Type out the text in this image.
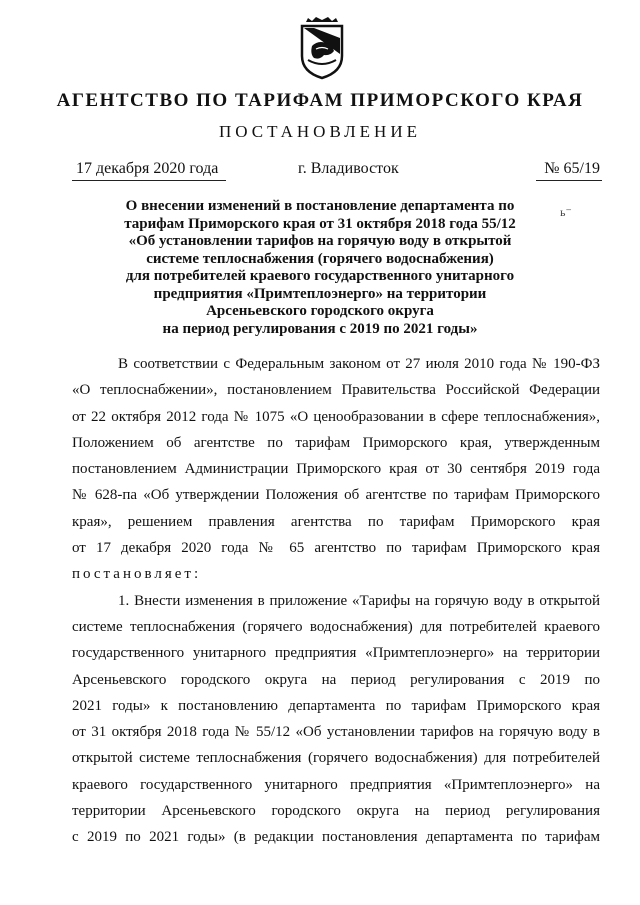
АГЕНТСТВО ПО ТАРИФАМ ПРИМОРСКОГО КРАЯ
ПОСТАНОВЛЕНИЕ
17 декабря 2020 года	г. Владивосток	№ 65/19
О внесении изменений в постановление департамента по
тарифам Приморского края от 31 октября 2018 года 55/12
«Об установлении тарифов на горячую воду в открытой
системе теплоснабжения (горячего водоснабжения)
для потребителей краевого государственного унитарного
предприятия «Примтеплоэнерго» на территории
Арсеньевского городского округа
на период регулирования с 2019 по 2021 годы»
ь⁻
В соответствии с Федеральным законом от 27 июля 2010 года № 190-ФЗ
«О теплоснабжении», постановлением Правительства Российской Федерации
от 22 октября 2012 года № 1075 «О ценообразовании в сфере теплоснабжения»,
Положением об агентстве по тарифам Приморского края, утвержденным
постановлением Администрации Приморского края от 30 сентября 2019 года
№ 628-па «Об утверждении Положения об агентстве по тарифам Приморского
края», решением правления агентства по тарифам Приморского края
от 17 декабря 2020 года № 65 агентство по тарифам Приморского края
постановляет:
1. Внести изменения в приложение «Тарифы на горячую воду в открытой
системе теплоснабжения (горячего водоснабжения) для потребителей краевого
государственного унитарного предприятия «Примтеплоэнерго» на территории
Арсеньевского городского округа на период регулирования с 2019 по
2021 годы» к постановлению департамента по тарифам Приморского края
от 31 октября 2018 года № 55/12 «Об установлении тарифов на горячую воду в
открытой системе теплоснабжения (горячего водоснабжения) для потребителей
краевого государственного унитарного предприятия «Примтеплоэнерго» на
территории Арсеньевского городского округа на период регулирования
с 2019 по 2021 годы» (в редакции постановления департамента по тарифам
